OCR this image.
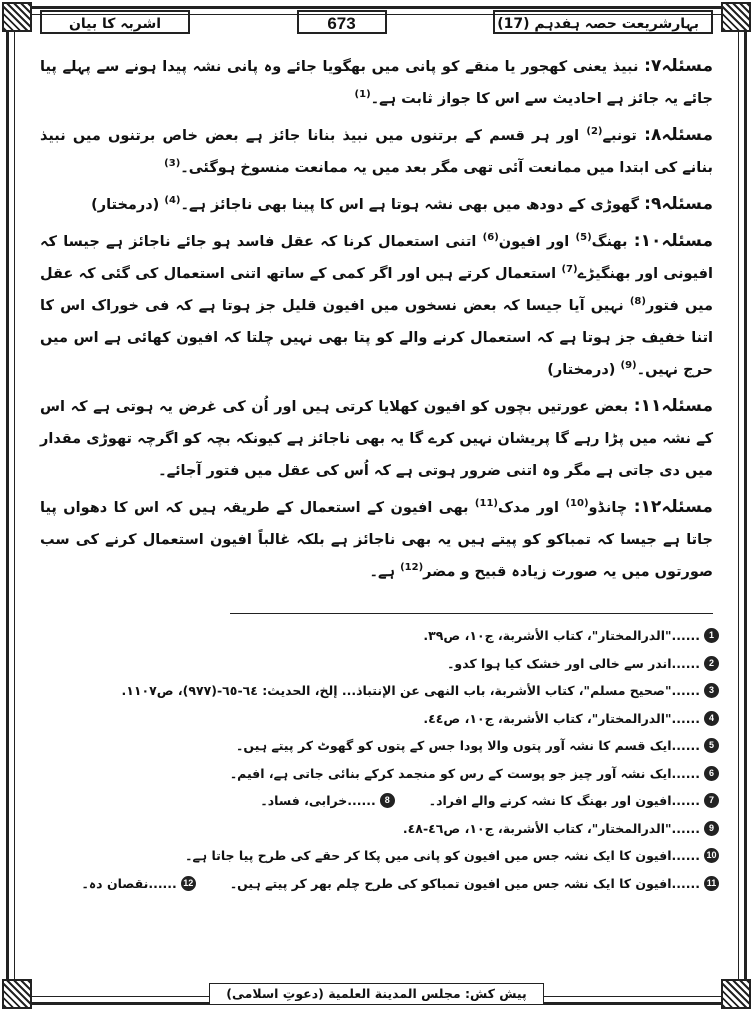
بہارِشریعت حصہ ہفدہم (17)
673
اشربہ کا بیان

مسئلہ۷: نبیذ یعنی کھجور یا منقے کو پانی میں بھگویا جائے وہ پانی نشہ پیدا ہونے سے پہلے پیا جائے یہ جائز ہے احادیث سے اس کا جواز ثابت ہے۔$^{(1)}$

مسئلہ۸: تونبے$^{(2)}$ اور ہر قسم کے برتنوں میں نبیذ بنانا جائز ہے بعض خاص برتنوں میں نبیذ بنانے کی ابتدا میں ممانعت آئی تھی مگر بعد میں یہ ممانعت منسوخ ہوگئی۔$^{(3)}$

مسئلہ۹: گھوڑی کے دودھ میں بھی نشہ ہوتا ہے اس کا پینا بھی ناجائز ہے۔$^{(4)}$ (درمختار)

مسئلہ۱۰: بھنگ$^{(5)}$ اور افیون$^{(6)}$ اتنی استعمال کرنا کہ عقل فاسد ہو جائے ناجائز ہے جیسا کہ افیونی اور بھنگیڑے$^{(7)}$ استعمال کرتے ہیں اور اگر کمی کے ساتھ اتنی استعمال کی گئی کہ عقل میں فتور$^{(8)}$ نہیں آیا جیسا کہ بعض نسخوں میں افیون قلیل جز ہوتا ہے کہ فی خوراک اس کا اتنا خفیف جز ہوتا ہے کہ استعمال کرنے والے کو پتا بھی نہیں چلتا کہ افیون کھائی ہے اس میں حرج نہیں۔$^{(9)}$ (درمختار)

مسئلہ۱۱: بعض عورتیں بچوں کو افیون کھلایا کرتی ہیں اور اُن کی غرض یہ ہوتی ہے کہ اس کے نشہ میں پڑا رہے گا پریشان نہیں کرے گا یہ بھی ناجائز ہے کیونکہ بچہ کو اگرچہ تھوڑی مقدار میں دی جاتی ہے مگر وہ اتنی ضرور ہوتی ہے کہ اُس کی عقل میں فتور آجائے۔

مسئلہ۱۲: چانڈو$^{(10)}$ اور مدک$^{(11)}$ بھی افیون کے استعمال کے طریقہ ہیں کہ اس کا دھواں پیا جاتا ہے جیسا کہ تمباکو کو پیتے ہیں یہ بھی ناجائز ہے بلکہ غالباً افیون استعمال کرنے کی سب صورتوں میں یہ صورت زیادہ قبیح و مضر$^{(12)}$ ہے۔

1
......"الدرالمختار"، كتاب الأشربة، ج١٠، ص٣٩.
2
......اندر سے خالی اور خشک کیا ہوا کدو۔
3
......"صحيح مسلم"، كتاب الأشربة، باب النهى عن الإنتباذ... إلخ، الحديث: ٦٤-٦٥-(٩٧٧)، ص١١٠٧.
4
......"الدرالمختار"، كتاب الأشربة، ج١٠، ص٤٤.
5
......ایک قسم کا نشہ آور پتوں والا پودا جس کے پتوں کو گھوٹ کر پیتے ہیں۔
6
......ایک نشہ آور چیز جو پوست کے رس کو منجمد کرکے بنائی جاتی ہے، افیم۔
7
......افیون اور بھنگ کا نشہ کرنے والے افراد۔
8
......خرابی، فساد۔
9
......"الدرالمختار"، كتاب الأشربة، ج١٠، ص٤٦-٤٨.
10
......افیون کا ایک نشہ جس میں افیون کو پانی میں پکا کر حقے کی طرح پیا جاتا ہے۔
11
......افیون کا ایک نشہ جس میں افیون تمباکو کی طرح چلم بھر کر پیتے ہیں۔
12
......نقصان دہ۔
پیش کش: مجلس المدينة العلمية (دعوتِ اسلامی)
